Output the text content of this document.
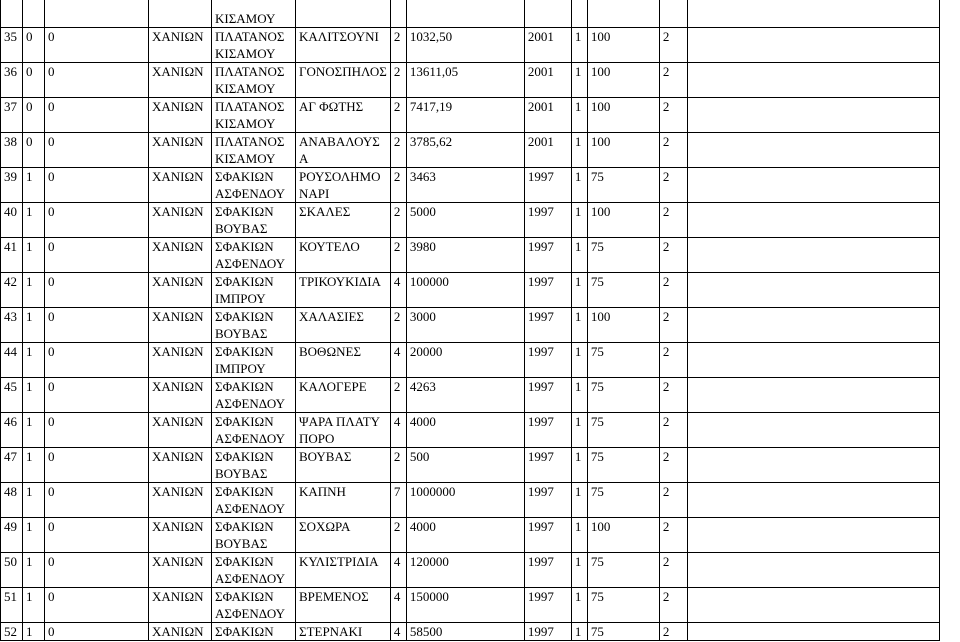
				ΚΙΣΑΜΟΥ								
35	0	0	ΧΑΝΙΩΝ	ΠΛΑΤΑΝΟΣ
ΚΙΣΑΜΟΥ	ΚΑΛΙΤΣΟΥΝΙ	2	1032,50	2001	1	100	2	
36	0	0	ΧΑΝΙΩΝ	ΠΛΑΤΑΝΟΣ
ΚΙΣΑΜΟΥ	ΓΟΝΟΣΠΗΛΟΣ	2	13611,05	2001	1	100	2	
37	0	0	ΧΑΝΙΩΝ	ΠΛΑΤΑΝΟΣ
ΚΙΣΑΜΟΥ	ΑΓ ΦΩΤΗΣ	2	7417,19	2001	1	100	2	
38	0	0	ΧΑΝΙΩΝ	ΠΛΑΤΑΝΟΣ
ΚΙΣΑΜΟΥ	ΑΝΑΒΑΛΟΥΣ
Α	2	3785,62	2001	1	100	2	
39	1	0	ΧΑΝΙΩΝ	ΣΦΑΚΙΩΝ
ΑΣΦΕΝΔΟΥ	ΡΟΥΣΟΛΗΜΟ
ΝΑΡΙ	2	3463	1997	1	75	2	
40	1	0	ΧΑΝΙΩΝ	ΣΦΑΚΙΩΝ
ΒΟΥΒΑΣ	ΣΚΑΛΕΣ	2	5000	1997	1	100	2	
41	1	0	ΧΑΝΙΩΝ	ΣΦΑΚΙΩΝ
ΑΣΦΕΝΔΟΥ	ΚΟΥΤΕΛΟ	2	3980	1997	1	75	2	
42	1	0	ΧΑΝΙΩΝ	ΣΦΑΚΙΩΝ
ΙΜΠΡΟΥ	ΤΡΙΚΟΥΚΙΔΙΑ	4	100000	1997	1	75	2	
43	1	0	ΧΑΝΙΩΝ	ΣΦΑΚΙΩΝ
ΒΟΥΒΑΣ	ΧΑΛΑΣΙΕΣ	2	3000	1997	1	100	2	
44	1	0	ΧΑΝΙΩΝ	ΣΦΑΚΙΩΝ
ΙΜΠΡΟΥ	ΒΟΘΩΝΕΣ	4	20000	1997	1	75	2	
45	1	0	ΧΑΝΙΩΝ	ΣΦΑΚΙΩΝ
ΑΣΦΕΝΔΟΥ	ΚΑΛΟΓΕΡΕ	2	4263	1997	1	75	2	
46	1	0	ΧΑΝΙΩΝ	ΣΦΑΚΙΩΝ
ΑΣΦΕΝΔΟΥ	ΨΑΡΑ ΠΛΑΤΥ
ΠΟΡΟ	4	4000	1997	1	75	2	
47	1	0	ΧΑΝΙΩΝ	ΣΦΑΚΙΩΝ
ΒΟΥΒΑΣ	ΒΟΥΒΑΣ	2	500	1997	1	75	2	
48	1	0	ΧΑΝΙΩΝ	ΣΦΑΚΙΩΝ
ΑΣΦΕΝΔΟΥ	ΚΑΠΝΗ	7	1000000	1997	1	75	2	
49	1	0	ΧΑΝΙΩΝ	ΣΦΑΚΙΩΝ
ΒΟΥΒΑΣ	ΣΟΧΩΡΑ	2	4000	1997	1	100	2	
50	1	0	ΧΑΝΙΩΝ	ΣΦΑΚΙΩΝ
ΑΣΦΕΝΔΟΥ	ΚΥΛΙΣΤΡΙΔΙΑ	4	120000	1997	1	75	2	
51	1	0	ΧΑΝΙΩΝ	ΣΦΑΚΙΩΝ
ΑΣΦΕΝΔΟΥ	ΒΡΕΜΕΝΟΣ	4	150000	1997	1	75	2	
52	1	0	ΧΑΝΙΩΝ	ΣΦΑΚΙΩΝ	ΣΤΕΡΝΑΚΙ	4	58500	1997	1	75	2	
